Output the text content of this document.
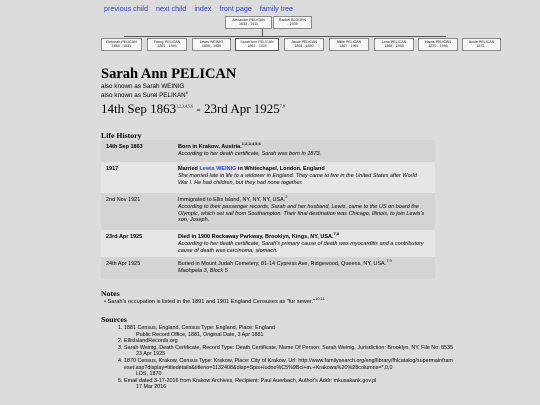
previous child next child index front page family tree
Alexander PELICAN
1833 - 1911
Rachel BLOGEN
- 1939
Deborah PELICAN
1860 - 1931
Fanny PELICAN
1861 - 1949
Lewis WEINIG
1859 - 1935
Sarah Ann PELICAN
1863 - 1925
Jacob PELICAN
1864 - 1890
Millie PELICAN
1867 - 1951
Lena PELICAN
1868 - 1935
Harris PELICAN
1870 - 1946
Annie PELICAN
1873 -
Sarah Ann PELICAN
also known as Sarah WEINIG
also known as Surel PELIKAN$^6$
14th Sep 1863$^{1,2,3,4,5,6}$ - 23rd Apr 1925$^{7,8}$
Life History
14th Sep 1863	Born in Krakow, Austria.$^{1,2,3,4,5,6}$
According to her death certificate, Sarah was born in 1873.
1917	Married Lewis WEINIG in Whitechapel, London, England
She married late in life to a widower in England. They came to live in the United States after World War I. He had children, but they had none together.
2nd Nov 1921	Immigrated to Ellis Island, NY, NY, NY, USA.$^2$
According to their passenger records, Sarah and her husband, Lewis, came to the US on board the Olympic, which set sail from Southampton. Their final destination was Chicago, Illinois, to join Lewis's son, Joseph.
23rd Apr 1925	Died in 1900 Rockaway Parkway, Brooklyn, Kings, NY, USA.$^{7,8}$
According to her death certificate, Sarah's primary cause of death was myocarditis and a contributory cause of death was carcinoma, stomach.
24th Apr 1925	Buried in Mount Judah Cemetery, 81-14 Cypress Ave, Ridgewood, Queens, NY, USA.$^{7,9}$
Maohpela 3, Block 5
Notes
• Sarah's occupation is listed in the 1891 and 1901 England Censuses as "fur sewer."$^{10,11}$
Sources
1. 1881 Census, England, Census Type: England, Place: England
Public Record Office, 1881, Original Date, 3 Apr 1881
2. EllisIslandRecords.org
3. Sarah Weinig, Death Certificate, Record Type: Death Certificate, Name Of Person: Sarah Weinig, Jurisdiction: Brooklyn, NY, File No: 8535
23 Apr 1925
4. 1870 Census, Krakow, Census Type: Krakow, Place: City of Krakow, Url: http://www.familysearch.org/eng/library/fhlcatalog/supermainframeset.asp?display=titledetails&titleno=1132408&disp=Spis+ludno%C5%9Bci+m.+Krakowa%20%28columns=*,0,0
LDS, 1870
5. Email dated 3-17-2016 from Krakow Archives, Recipient: Paul Auerbach, Author's Addr: mkusakank.gov.pl
17 Mar 2016
